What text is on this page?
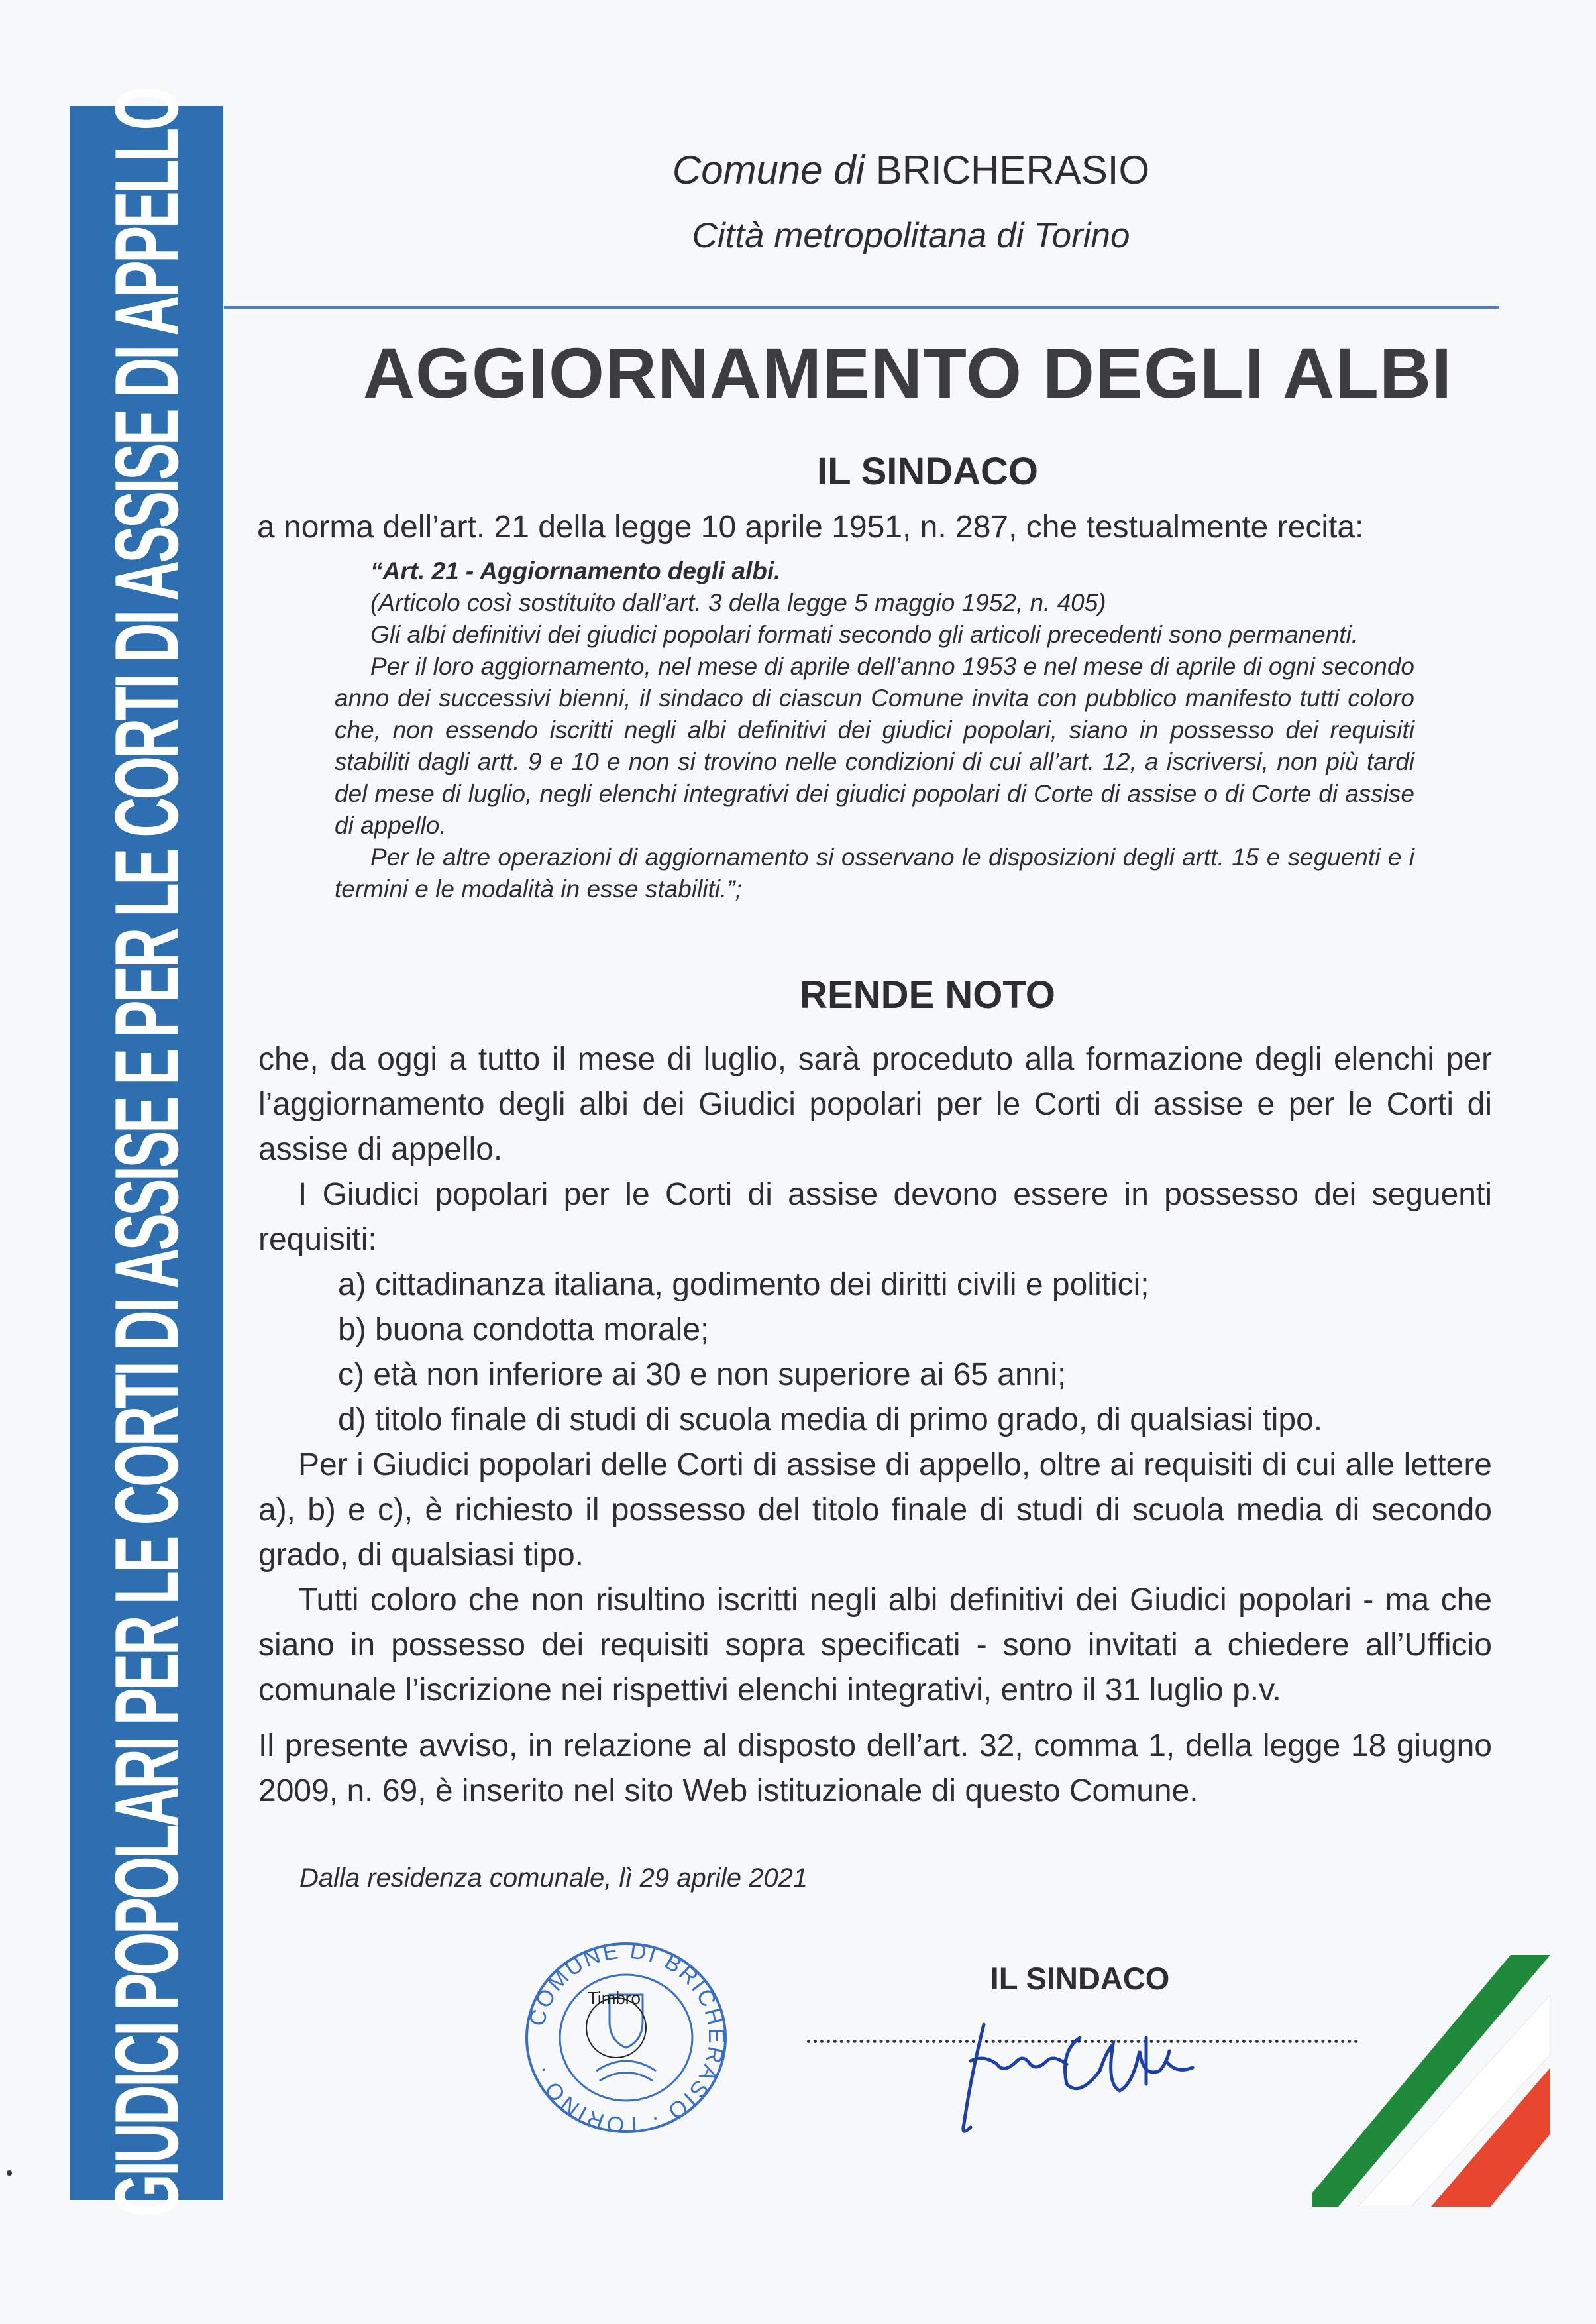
GIUDICI POPOLARI PER LE CORTI DI ASSISE E PER LE CORTI DI ASSISE DI APPELLO	Comune di BRICHERASIO
Città metropolitana di Torino
AGGIORNAMENTO DEGLI ALBI
IL SINDACO
a norma dell’art. 21 della legge 10 aprile 1951, n. 287, che testualmente recita:

“Art. 21 - Aggiornamento degli albi.

(Articolo così sostituito dall’art. 3 della legge 5 maggio 1952, n. 405)

Gli albi definitivi dei giudici popolari formati secondo gli articoli precedenti sono permanenti.

Per il loro aggiornamento, nel mese di aprile dell’anno 1953 e nel mese di aprile di ogni secondo anno dei successivi bienni, il sindaco di ciascun Comune invita con pubblico manifesto tutti coloro che, non essendo iscritti negli albi definitivi dei giudici popolari, siano in possesso dei requisiti stabiliti dagli artt. 9 e 10 e non si trovino nelle condizioni di cui all’art. 12, a iscriversi, non più tardi del mese di luglio, negli elenchi integrativi dei giudici popolari di Corte di assise o di Corte di assise di appello.

Per le altre operazioni di aggiornamento si osservano le disposizioni degli artt. 15 e seguenti e i termini e le modalità in esse stabiliti.”;

RENDE NOTO

che, da oggi a tutto il mese di luglio, sarà proceduto alla formazione degli elenchi per l’aggiornamento degli albi dei Giudici popolari per le Corti di assise e per le Corti di assise di appello.

I Giudici popolari per le Corti di assise devono essere in possesso dei seguenti requisiti:

a) cittadinanza italiana, godimento dei diritti civili e politici;

b) buona condotta morale;

c) età non inferiore ai 30 e non superiore ai 65 anni;

d) titolo finale di studi di scuola media di primo grado, di qualsiasi tipo.

Per i Giudici popolari delle Corti di assise di appello, oltre ai requisiti di cui alle lettere a), b) e c), è richiesto il possesso del titolo finale di studi di scuola media di secondo grado, di qualsiasi tipo.

Tutti coloro che non risultino iscritti negli albi definitivi dei Giudici popolari - ma che siano in possesso dei requisiti sopra specificati - sono invitati a chiedere all’Ufficio comunale l’iscrizione nei rispettivi elenchi integrativi, entro il 31 luglio p.v.

Il presente avviso, in relazione al disposto dell’art. 32, comma 1, della legge 18 giugno 2009, n. 69, è inserito nel sito Web istituzionale di questo Comune.

Dalla residenza comunale, lì 29 aprile 2021
COMUNE DI BRICHERASIO · TORINO ·
Timbro
IL SINDACO
